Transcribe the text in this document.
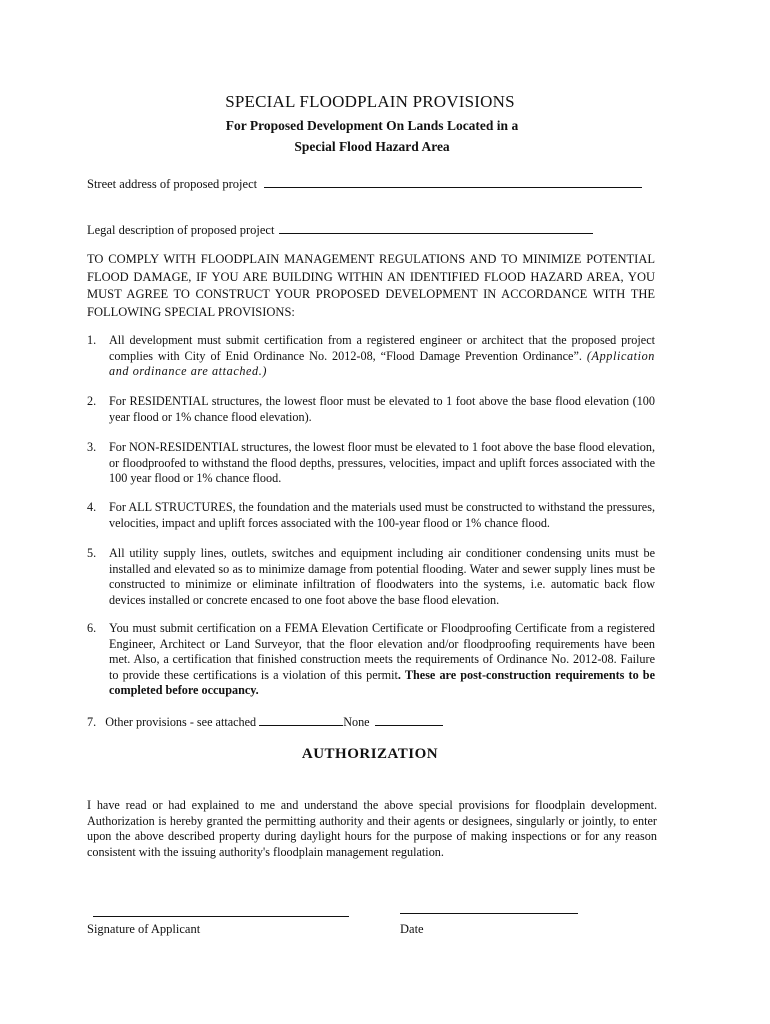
SPECIAL FLOODPLAIN PROVISIONS
For Proposed Development On Lands Located in a
Special Flood Hazard Area
Street address of proposed project
Legal description of proposed project
TO COMPLY WITH FLOODPLAIN MANAGEMENT REGULATIONS AND TO MINIMIZE POTENTIAL FLOOD DAMAGE, IF YOU ARE BUILDING WITHIN AN IDENTIFIED FLOOD HAZARD AREA, YOU MUST AGREE TO CONSTRUCT YOUR PROPOSED DEVELOPMENT IN ACCORDANCE WITH THE FOLLOWING SPECIAL PROVISIONS:
1.	All development must submit certification from a registered engineer or architect that the proposed project complies with City of Enid Ordinance No. 2012-08, “Flood Damage Prevention Ordinance”. (Application and ordinance are attached.)
2.	For RESIDENTIAL structures, the lowest floor must be elevated to 1 foot above the base flood elevation (100 year flood or 1% chance flood elevation).
3.	For NON-RESIDENTIAL structures, the lowest floor must be elevated to 1 foot above the base flood elevation, or floodproofed to withstand the flood depths, pressures, velocities, impact and uplift forces associated with the 100 year flood or 1% chance flood.
4.	For ALL STRUCTURES, the foundation and the materials used must be constructed to withstand the pressures, velocities, impact and uplift forces associated with the 100-year flood or 1% chance flood.
5.	All utility supply lines, outlets, switches and equipment including air conditioner condensing units must be installed and elevated so as to minimize damage from potential flooding. Water and sewer supply lines must be constructed to minimize or eliminate infiltration of floodwaters into the systems, i.e. automatic back flow devices installed or concrete encased to one foot above the base flood elevation.
6.	You must submit certification on a FEMA Elevation Certificate or Floodproofing Certificate from a registered Engineer, Architect or Land Surveyor, that the floor elevation and/or floodproofing requirements have been met. Also, a certification that finished construction meets the requirements of Ordinance No. 2012-08. Failure to provide these certifications is a violation of this permit. These are post-construction requirements to be completed before occupancy.
7. Other provisions - see attached	None
AUTHORIZATION
I have read or had explained to me and understand the above special provisions for floodplain development. Authorization is hereby granted the permitting authority and their agents or designees, singularly or jointly, to enter upon the above described property during daylight hours for the purpose of making inspections or for any reason consistent with the issuing authority's floodplain management regulation.
Signature of Applicant	Date
